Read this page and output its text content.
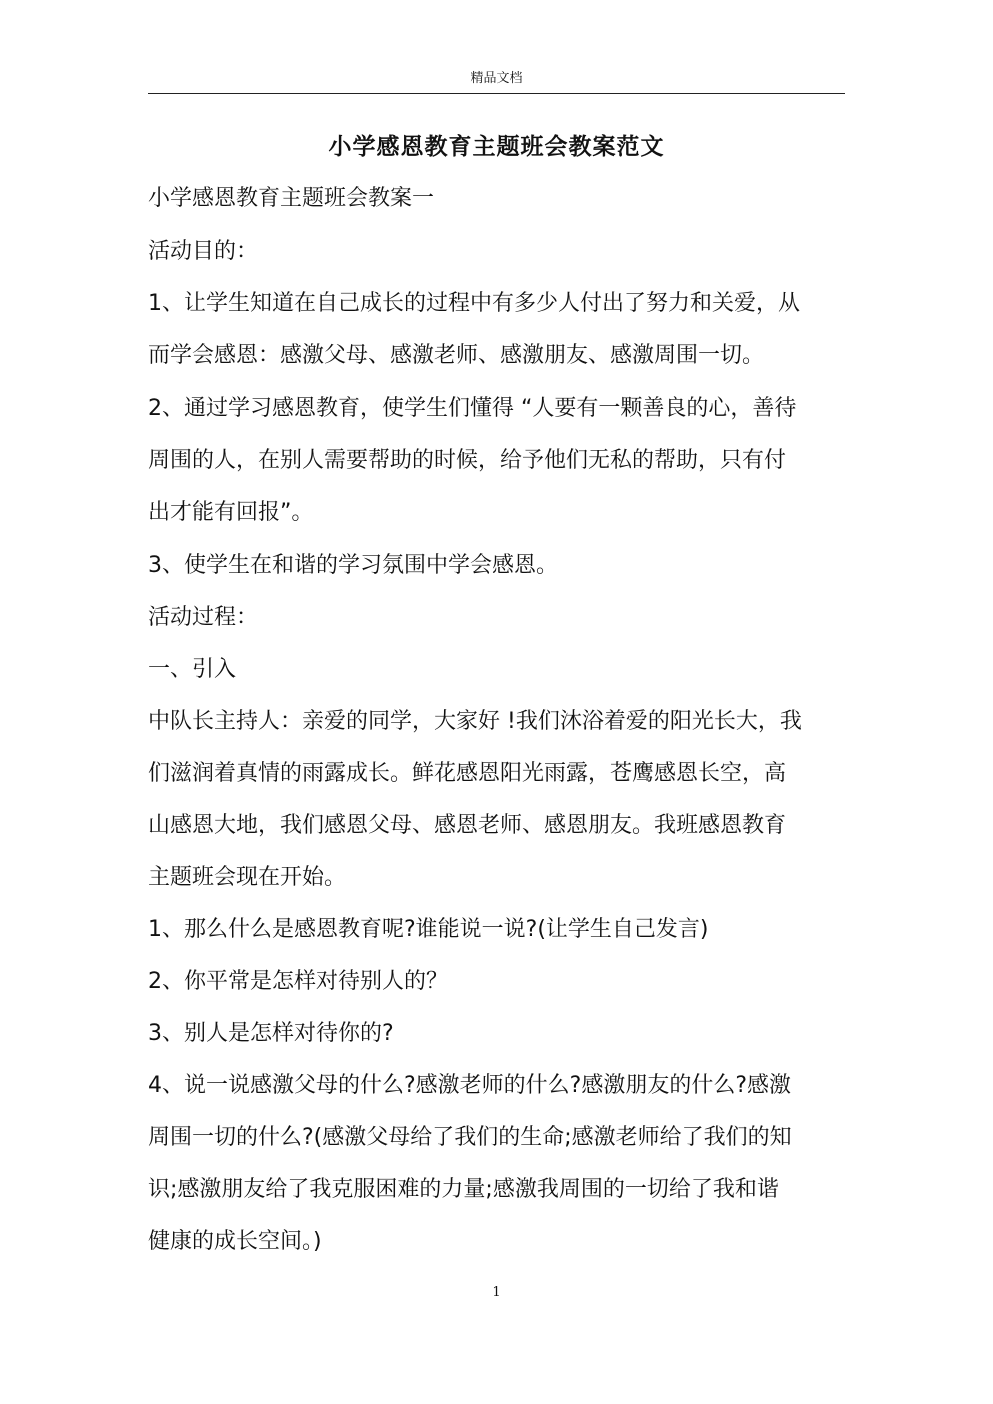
精品文档
小学感恩教育主题班会教案范文
小学感恩教育主题班会教案一
活动目的：
1、让学生知道在自己成长的过程中有多少人付出了努力和关爱，从
而学会感恩：感激父母、感激老师、感激朋友、感激周围一切。
2、通过学习感恩教育，使学生们懂得 “人要有一颗善良的心，善待
周围的人，在别人需要帮助的时候，给予他们无私的帮助，只有付
出才能有回报”。
3、使学生在和谐的学习氛围中学会感恩。
活动过程：
一、引入
中队长主持人：亲爱的同学，大家好 !我们沐浴着爱的阳光长大，我
们滋润着真情的雨露成长。鲜花感恩阳光雨露，苍鹰感恩长空，高
山感恩大地，我们感恩父母、感恩老师、感恩朋友。我班感恩教育
主题班会现在开始。
1、那么什么是感恩教育呢?谁能说一说?(让学生自己发言)
2、你平常是怎样对待别人的？
3、别人是怎样对待你的?
4、说一说感激父母的什么?感激老师的什么?感激朋友的什么?感激
周围一切的什么?(感激父母给了我们的生命;感激老师给了我们的知
识;感激朋友给了我克服困难的力量;感激我周围的一切给了我和谐
健康的成长空间。)
1
